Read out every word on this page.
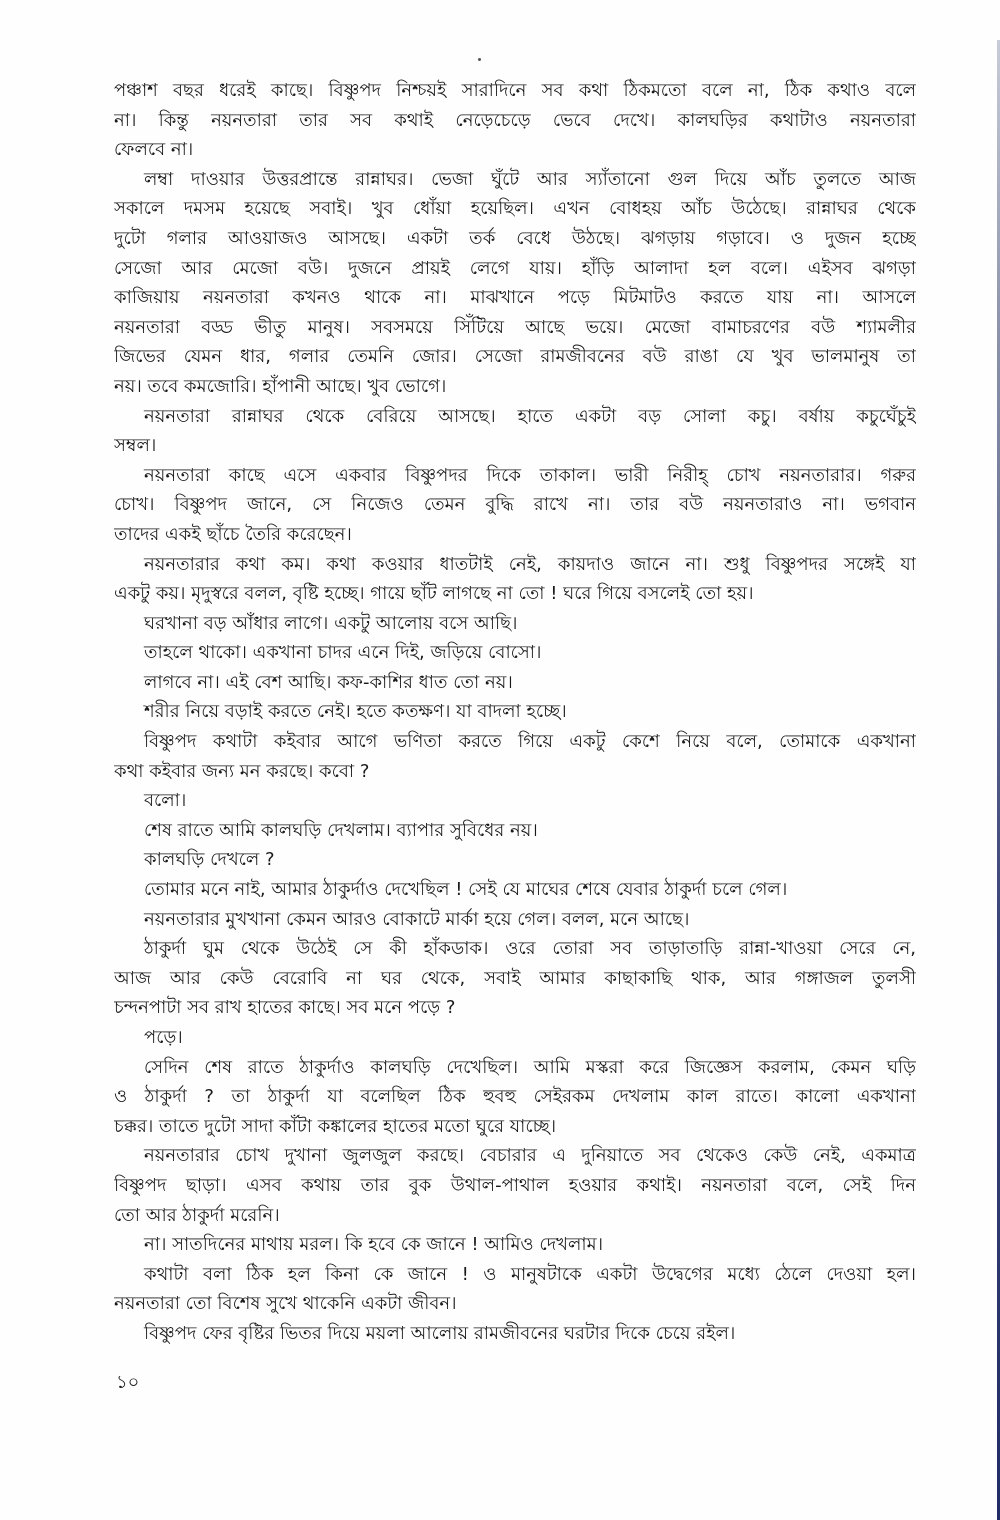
পঞ্চাশ বছর ধরেই কাছে। বিষ্ণুপদ নিশ্চয়ই সারাদিনে সব কথা ঠিকমতো বলে না, ঠিক কথাও বলে
না। কিন্তু নয়নতারা তার সব কথাই নেড়েচেড়ে ভেবে দেখে। কালঘড়ির কথাটাও নয়নতারা
ফেলবে না।
লম্বা দাওয়ার উত্তরপ্রান্তে রান্নাঘর। ভেজা ঘুঁটে আর স্যাঁতানো গুল দিয়ে আঁচ তুলতে আজ
সকালে দমসম হয়েছে সবাই। খুব ধোঁয়া হয়েছিল। এখন বোধহয় আঁচ উঠেছে। রান্নাঘর থেকে
দুটো গলার আওয়াজও আসছে। একটা তর্ক বেধে উঠছে। ঝগড়ায় গড়াবে। ও দুজন হচ্ছে
সেজো আর মেজো বউ। দুজনে প্রায়ই লেগে যায়। হাঁড়ি আলাদা হল বলে। এইসব ঝগড়া
কাজিয়ায় নয়নতারা কখনও থাকে না। মাঝখানে পড়ে মিটমাটও করতে যায় না। আসলে
নয়নতারা বড্ড ভীতু মানুষ। সবসময়ে সিঁটিয়ে আছে ভয়ে। মেজো বামাচরণের বউ শ্যামলীর
জিভের যেমন ধার, গলার তেমনি জোর। সেজো রামজীবনের বউ রাঙা যে খুব ভালমানুষ তা
নয়। তবে কমজোরি। হাঁপানী আছে। খুব ভোগে।
নয়নতারা রান্নাঘর থেকে বেরিয়ে আসছে। হাতে একটা বড় সোলা কচু। বর্ষায় কচুঘেঁচুই
সম্বল।
নয়নতারা কাছে এসে একবার বিষ্ণুপদর দিকে তাকাল। ভারী নিরীহ্ চোখ নয়নতারার। গরুর
চোখ। বিষ্ণুপদ জানে, সে নিজেও তেমন বুদ্ধি রাখে না। তার বউ নয়নতারাও না। ভগবান
তাদের একই ছাঁচে তৈরি করেছেন।
নয়নতারার কথা কম। কথা কওয়ার ধাতটাই নেই, কায়দাও জানে না। শুধু বিষ্ণুপদর সঙ্গেই যা
একটু কয়। মৃদুস্বরে বলল, বৃষ্টি হচ্ছে। গায়ে ছাঁট লাগছে না তো ! ঘরে গিয়ে বসলেই তো হয়।
ঘরখানা বড় আঁধার লাগে। একটু আলোয় বসে আছি।
তাহলে থাকো। একখানা চাদর এনে দিই, জড়িয়ে বোসো।
লাগবে না। এই বেশ আছি। কফ-কাশির ধাত তো নয়।
শরীর নিয়ে বড়াই করতে নেই। হতে কতক্ষণ। যা বাদলা হচ্ছে।
বিষ্ণুপদ কথাটা কইবার আগে ভণিতা করতে গিয়ে একটু কেশে নিয়ে বলে, তোমাকে একখানা
কথা কইবার জন্য মন করছে। কবো ?
বলো।
শেষ রাতে আমি কালঘড়ি দেখলাম। ব্যাপার সুবিধের নয়।
কালঘড়ি দেখলে ?
তোমার মনে নাই, আমার ঠাকুর্দাও দেখেছিল ! সেই যে মাঘের শেষে যেবার ঠাকুর্দা চলে গেল।
নয়নতারার মুখখানা কেমন আরও বোকাটে মার্কা হয়ে গেল। বলল, মনে আছে।
ঠাকুর্দা ঘুম থেকে উঠেই সে কী হাঁকডাক। ওরে তোরা সব তাড়াতাড়ি রান্না-খাওয়া সেরে নে,
আজ আর কেউ বেরোবি না ঘর থেকে, সবাই আমার কাছাকাছি থাক, আর গঙ্গাজল তুলসী
চন্দনপাটা সব রাখ হাতের কাছে। সব মনে পড়ে ?
পড়ে।
সেদিন শেষ রাতে ঠাকুর্দাও কালঘড়ি দেখেছিল। আমি মস্করা করে জিজ্ঞেস করলাম, কেমন ঘড়ি
ও ঠাকুর্দা ? তা ঠাকুর্দা যা বলেছিল ঠিক হুবহু সেইরকম দেখলাম কাল রাতে। কালো একখানা
চক্কর। তাতে দুটো সাদা কাঁটা কঙ্কালের হাতের মতো ঘুরে যাচ্ছে।
নয়নতারার চোখ দুখানা জুলজুল করছে। বেচারার এ দুনিয়াতে সব থেকেও কেউ নেই, একমাত্র
বিষ্ণুপদ ছাড়া। এসব কথায় তার বুক উথাল-পাথাল হওয়ার কথাই। নয়নতারা বলে, সেই দিন
তো আর ঠাকুর্দা মরেনি।
না। সাতদিনের মাথায় মরল। কি হবে কে জানে ! আমিও দেখলাম।
কথাটা বলা ঠিক হল কিনা কে জানে ! ও মানুষটাকে একটা উদ্বেগের মধ্যে ঠেলে দেওয়া হল।
নয়নতারা তো বিশেষ সুখে থাকেনি একটা জীবন।
বিষ্ণুপদ ফের বৃষ্টির ভিতর দিয়ে ময়লা আলোয় রামজীবনের ঘরটার দিকে চেয়ে রইল।
১০
